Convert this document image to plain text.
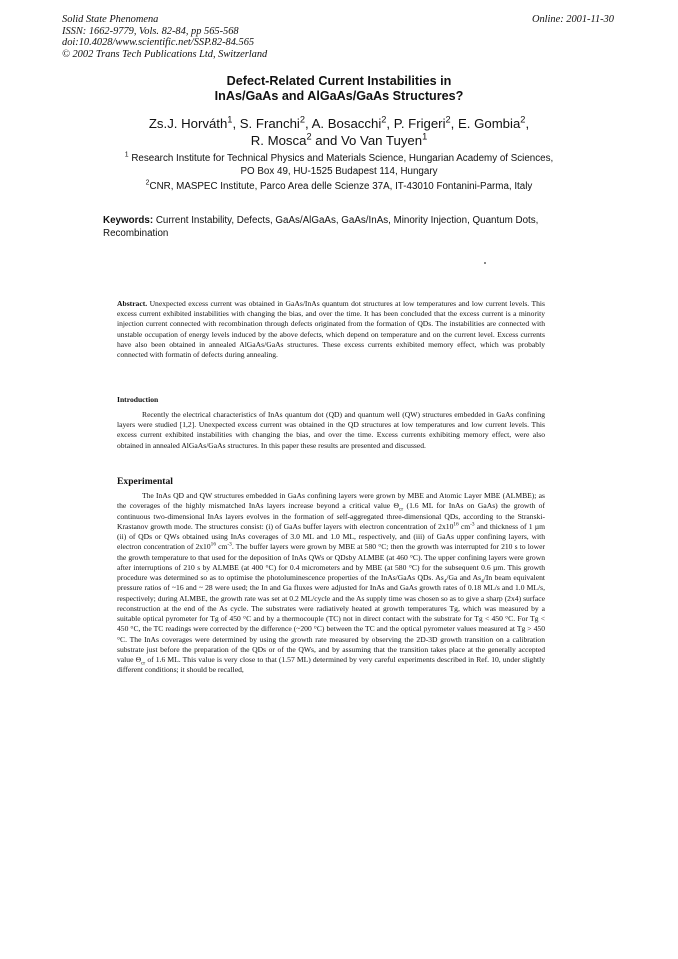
Solid State Phenomena
ISSN: 1662-9779, Vols. 82-84, pp 565-568
doi:10.4028/www.scientific.net/SSP.82-84.565
© 2002 Trans Tech Publications Ltd, Switzerland
Online: 2001-11-30
Defect-Related Current Instabilities in
InAs/GaAs and AlGaAs/GaAs Structures?
Zs.J. Horváth$^1$, S. Franchi$^2$, A. Bosacchi$^2$, P. Frigeri$^2$, E. Gombia$^2$,
R. Mosca$^2$ and Vo Van Tuyen$^1$
$^1$ Research Institute for Technical Physics and Materials Science, Hungarian Academy of Sciences,
PO Box 49, HU-1525 Budapest 114, Hungary
$^2$CNR, MASPEC Institute, Parco Area delle Scienze 37A, IT-43010 Fontanini-Parma, Italy
Keywords: Current Instability, Defects, GaAs/AlGaAs, GaAs/InAs, Minority Injection, Quantum Dots, Recombination
Abstract. Unexpected excess current was obtained in GaAs/InAs quantum dot structures at low temperatures and low current levels. This excess current exhibited instabilities with changing the bias, and over the time. It has been concluded that the excess current is a minority injection current connected with recombination through defects originated from the formation of QDs. The instabilities are connected with unstable occupation of energy levels induced by the above defects, which depend on temperature and on the current level. Excess currents have also been obtained in annealed AlGaAs/GaAs structures. These excess currents exhibited memory effect, which was probably connected with formatin of defects during annealing.
Introduction
Recently the electrical characteristics of InAs quantum dot (QD) and quantum well (QW) structures embedded in GaAs confining layers were studied [1,2]. Unexpected excess current was obtained in the QD structures at low temperatures and low current levels. This excess current exhibited instabilities with changing the bias, and over the time. Excess currents exhibiting memory effect, were also obtained in annealed AlGaAs/GaAs structures. In this paper these results are presented and discussed.
Experimental
The InAs QD and QW structures embedded in GaAs confining layers were grown by MBE and Atomic Layer MBE (ALMBE); as the coverages of the highly mismatched InAs layers increase beyond a critical value $\Theta_{cr}$ (1.6 ML for InAs on GaAs) the growth of continuous two-dimensional InAs layers evolves in the formation of self-aggregated three-dimensional QDs, according to the Stranski-Krastanov growth mode. The structures consist: (i) of GaAs buffer layers with electron concentration of $2x10^{16}$ $cm^{-3}$ and thickness of 1 µm (ii) of QDs or QWs obtained using InAs coverages of 3.0 ML and 1.0 ML, respectively, and (iii) of GaAs upper confining layers, with electron concentration of $2x10^{16}$ $cm^{-3}$. The buffer layers were grown by MBE at 580 °C; then the growth was interrupted for 210 s to lower the growth temperature to that used for the deposition of InAs QWs or QDsby ALMBE (at 460 °C). The upper confining layers were grown after interruptions of 210 s by ALMBE (at 400 °C) for 0.4 micrometers and by MBE (at 580 °C) for the subsequent 0.6 µm. This growth procedure was determined so as to optimise the photoluminescence properties of the InAs/GaAs QDs. $As_4/Ga$ and $As_4/In$ beam equivalent pressure ratios of ~16 and ~ 28 were used; the In and Ga fluxes were adjusted for InAs and GaAs growth rates of 0.18 ML/s and 1.0 ML/s, respectively; during ALMBE, the growth rate was set at 0.2 ML/cycle and the As supply time was chosen so as to give a sharp (2x4) surface reconstruction at the end of the As cycle. The substrates were radiatively heated at growth temperatures Tg, which was measured by a suitable optical pyrometer for Tg of 450 °C and by a thermocouple (TC) not in direct contact with the substrate for Tg < 450 °C. For Tg < 450 °C, the TC readings were corrected by the difference (~200 °C) between the TC and the optical pyrometer values measured at Tg > 450 °C. The InAs coverages were determined by using the growth rate measured by observing the 2D-3D growth transition on a calibration substrate just before the preparation of the QDs or of the QWs, and by assuming that the transition takes place at the generally accepted value $\Theta_{cr}$ of 1.6 ML. This value is very close to that (1.57 ML) determined by very careful experiments described in Ref. 10, under slightly different conditions; it should be recalled,
